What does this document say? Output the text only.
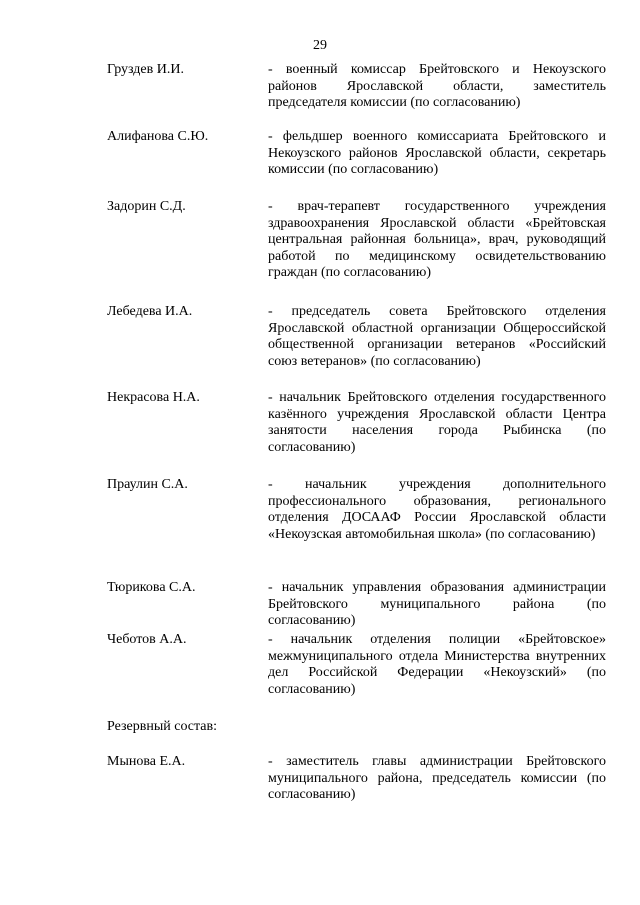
29
Груздев И.И.	- военный комиссар Брейтовского и Некоузского районов Ярославской области, заместитель председателя комиссии (по согласованию)
Алифанова С.Ю.	- фельдшер военного комиссариата Брейтовского и Некоузского районов Ярославской области, секретарь комиссии (по согласованию)
Задорин С.Д.	- врач-терапевт государственного учреждения здравоохранения Ярославской области «Брейтовская центральная районная больница», врач, руководящий работой по медицинскому освидетельствованию граждан (по согласованию)
Лебедева И.А.	- председатель совета Брейтовского отделения Ярославской областной организации Общероссийской общественной организации ветеранов «Российский союз ветеранов» (по согласованию)
Некрасова Н.А.	- начальник Брейтовского отделения государственного казённого учреждения Ярославской области Центра занятости населения города Рыбинска (по согласованию)
Праулин С.А.	- начальник учреждения дополнительного профессионального образования, регионального отделения ДОСААФ России Ярославской области «Некоузская автомобильная школа» (по согласованию)
Тюрикова С.А.	- начальник управления образования администрации Брейтовского муниципального района (по согласованию)
Чеботов А.А.	- начальник отделения полиции «Брейтовское» межмуниципального отдела Министерства внутренних дел Российской Федерации «Некоузский» (по согласованию)
Резервный состав:
Мынова Е.А.	- заместитель главы администрации Брейтовского муниципального района, председатель комиссии (по согласованию)
